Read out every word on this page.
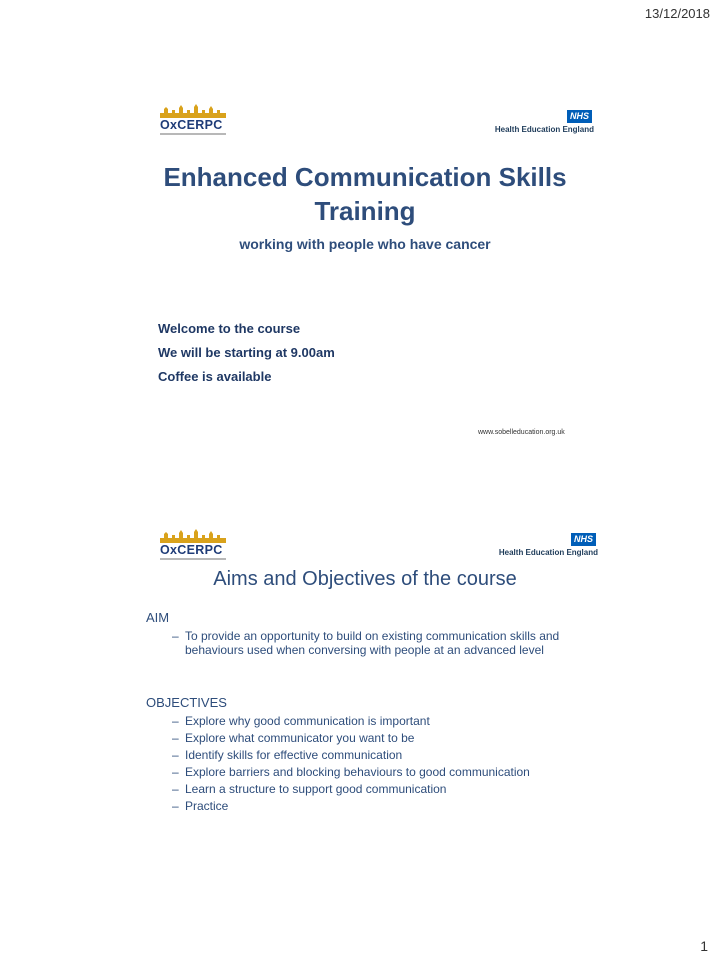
13/12/2018
OxCERPC
NHS
Health Education England
Enhanced Communication Skills
Training
working with people who have cancer
Welcome to the course
We will be starting at 9.00am
Coffee is available
www.sobelleducation.org.uk
OxCERPC
NHS
Health Education England
Aims and Objectives of the course
AIM
– To provide an opportunity to build on existing communication skills and behaviours used when conversing with people at an advanced level
OBJECTIVES
– Explore why good communication is important
– Explore what communicator you want to be
– Identify skills for effective communication
– Explore barriers and blocking behaviours to good communication
– Learn a structure to support good communication
– Practice
1
